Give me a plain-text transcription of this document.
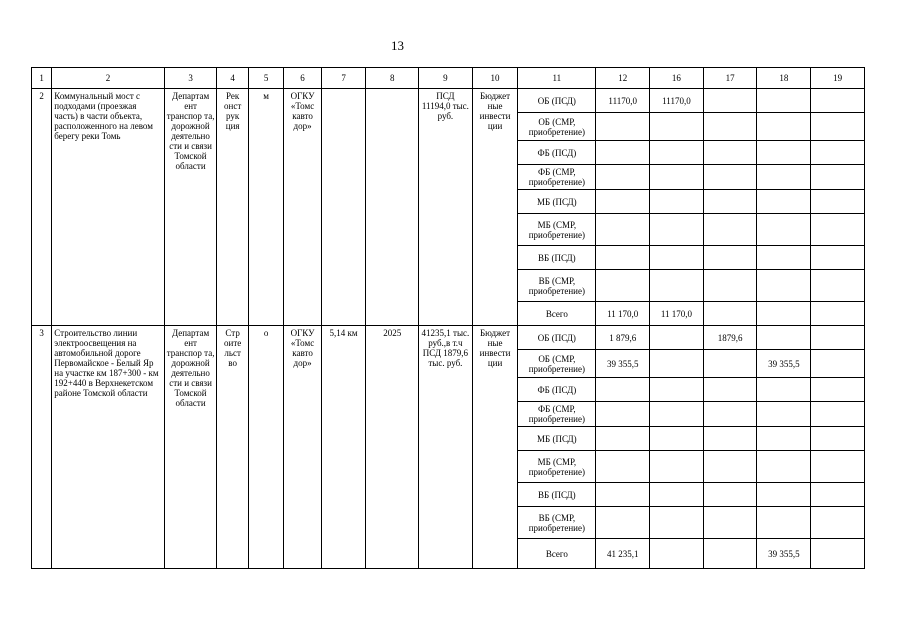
13
1	2	3	4	5	6	7	8	9	10	11	12	16	17	18	19
2	Коммунальный мост с подходами (проезжая часть) в части объекта, расположенного на левом берегу реки Томь	Департам ент транспор та, дорожной деятельно сти и связи Томской области	Рек онст рук ция	м	ОГКУ «Томс кавто дор»			ПСД 11194,0 тыс. руб.	Бюджет ные инвести ции	ОБ (ПСД)	11170,0	11170,0			
										ОБ (СМР, приобретение)					
										ФБ (ПСД)					
										ФБ (СМР, приобретение)					
										МБ (ПСД)					
										МБ (СМР, приобретение)					
										ВБ (ПСД)					
										ВБ (СМР, приобретение)					
										Всего	11 170,0	11 170,0			
3	Строительство линии электроосвещения на автомобильной дороге Первомайское - Белый Яр на участке км 187+300 - км 192+440 в Верхнекетском районе Томской области	Департам ент транспор та, дорожной деятельно сти и связи Томской области	Стр оите льст во	о	ОГКУ «Томс кавто дор»	5,14 км	2025	41235,1 тыс. руб.,в т.ч ПСД 1879,6 тыс. руб.	Бюджет ные инвести ции	ОБ (ПСД)	1 879,6		1879,6		
										ОБ (СМР, приобретение)	39 355,5			39 355,5	
										ФБ (ПСД)					
										ФБ (СМР, приобретение)					
										МБ (ПСД)					
										МБ (СМР, приобретение)					
										ВБ (ПСД)					
										ВБ (СМР, приобретение)					
										Всего	41 235,1			39 355,5	
